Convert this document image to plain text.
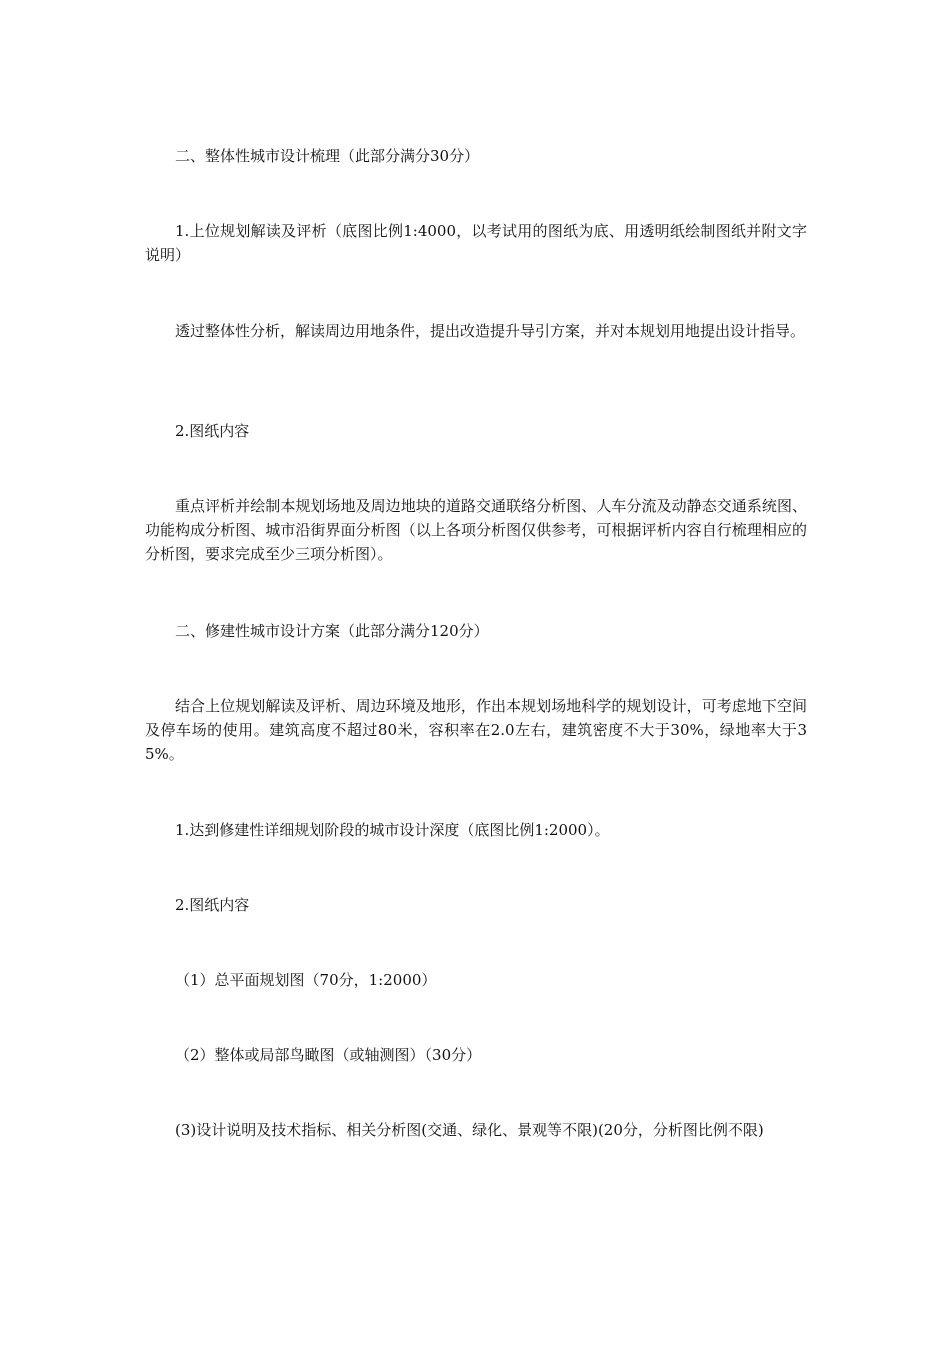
二、整体性城市设计梳理（此部分满分30分）

1.上位规划解读及评析（底图比例1:4000，以考试用的图纸为底、用透明纸绘制图纸并附文字说明）

透过整体性分析，解读周边用地条件，提出改造提升导引方案，并对本规划用地提出设计指导。

2.图纸内容

重点评析并绘制本规划场地及周边地块的道路交通联络分析图、人车分流及动静态交通系统图、功能构成分析图、城市沿街界面分析图（以上各项分析图仅供参考，可根据评析内容自行梳理相应的分析图，要求完成至少三项分析图）。

二、修建性城市设计方案（此部分满分120分）

结合上位规划解读及评析、周边环境及地形，作出本规划场地科学的规划设计，可考虑地下空间及停车场的使用。建筑高度不超过80米，容积率在2.0左右，建筑密度不大于30%，绿地率大于35%。

1.达到修建性详细规划阶段的城市设计深度（底图比例1:2000）。

2.图纸内容

（1）总平面规划图（70分，1:2000）

（2）整体或局部鸟瞰图（或轴测图）（30分）

(3)设计说明及技术指标、相关分析图(交通、绿化、景观等不限)(20分，分析图比例不限)
